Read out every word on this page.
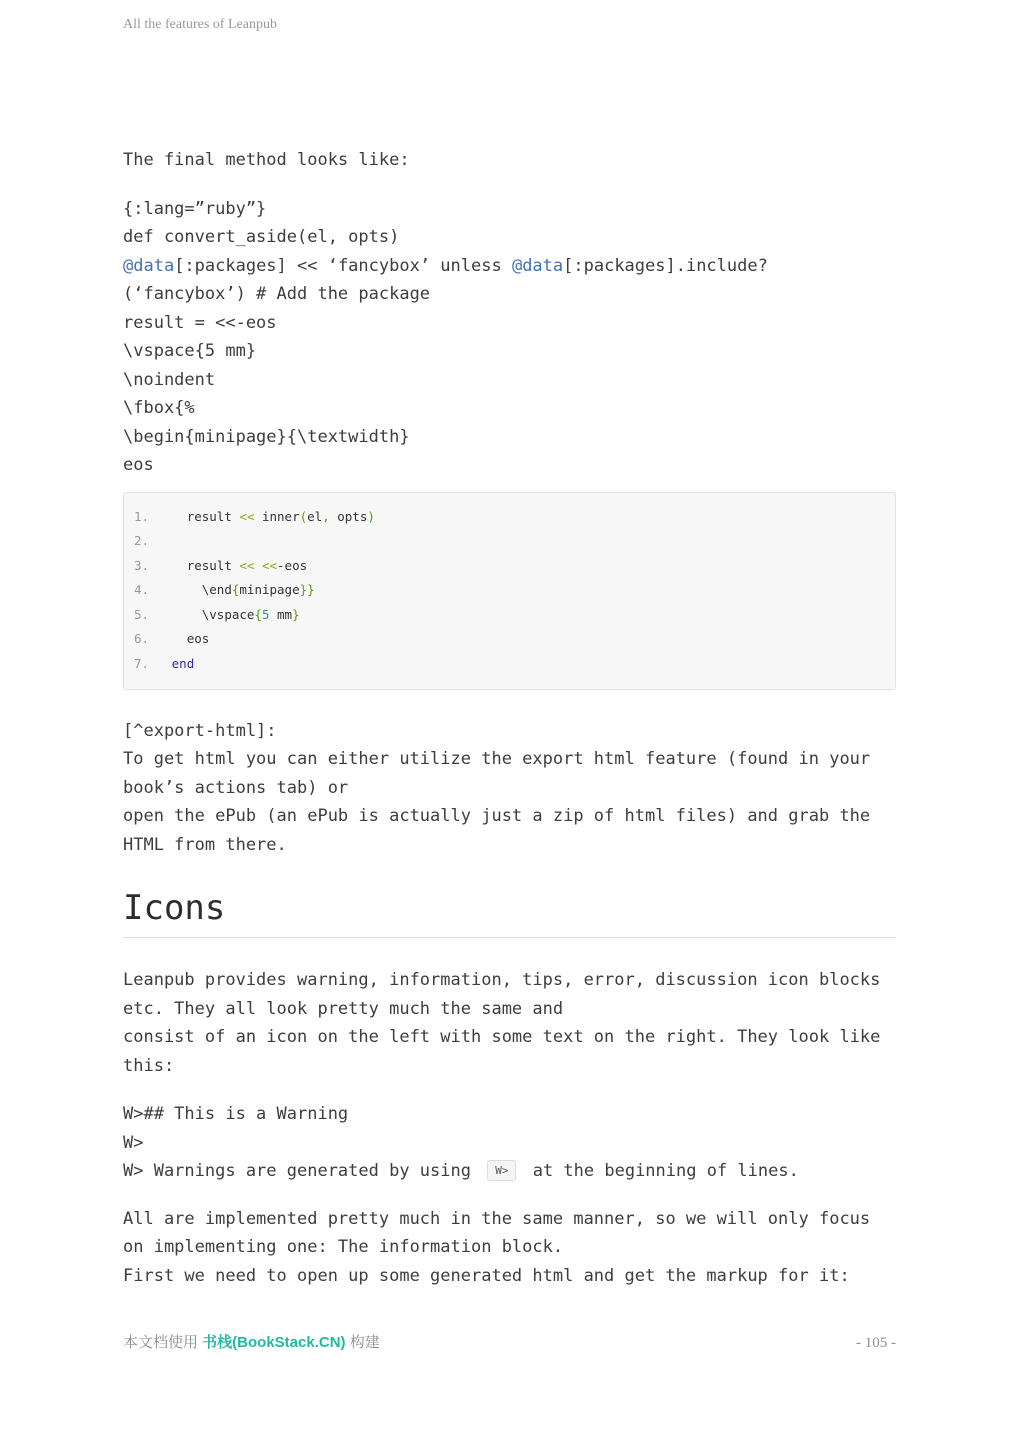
All the features of Leanpub

The final method looks like:

{:lang=”ruby”}
def convert_aside(el, opts)
@data[:packages] << ‘fancybox’ unless @data[:packages].include?
(‘fancybox’) # Add the package
result = <<-eos
\vspace{5 mm}
\noindent
\fbox{%
\begin{minipage}{\textwidth}
eos

1.     result << inner(el, opts)
2.
3.     result << <<-eos
4.       \end{minipage}}
5.       \vspace{5 mm}
6.     eos
7. end

[^export-html]:
To get html you can either utilize the export html feature (found in your
book’s actions tab) or
open the ePub (an ePub is actually just a zip of html files) and grab the
HTML from there.

Icons

Leanpub provides warning, information, tips, error, discussion icon blocks
etc. They all look pretty much the same and
consist of an icon on the left with some text on the right. They look like
this:

W>## This is a Warning
W>
W> Warnings are generated by using W> at the beginning of lines.

All are implemented pretty much in the same manner, so we will only focus
on implementing one: The information block.
First we need to open up some generated html and get the markup for it:

本文档使用 书栈(BookStack.CN) 构建	- 105 -
